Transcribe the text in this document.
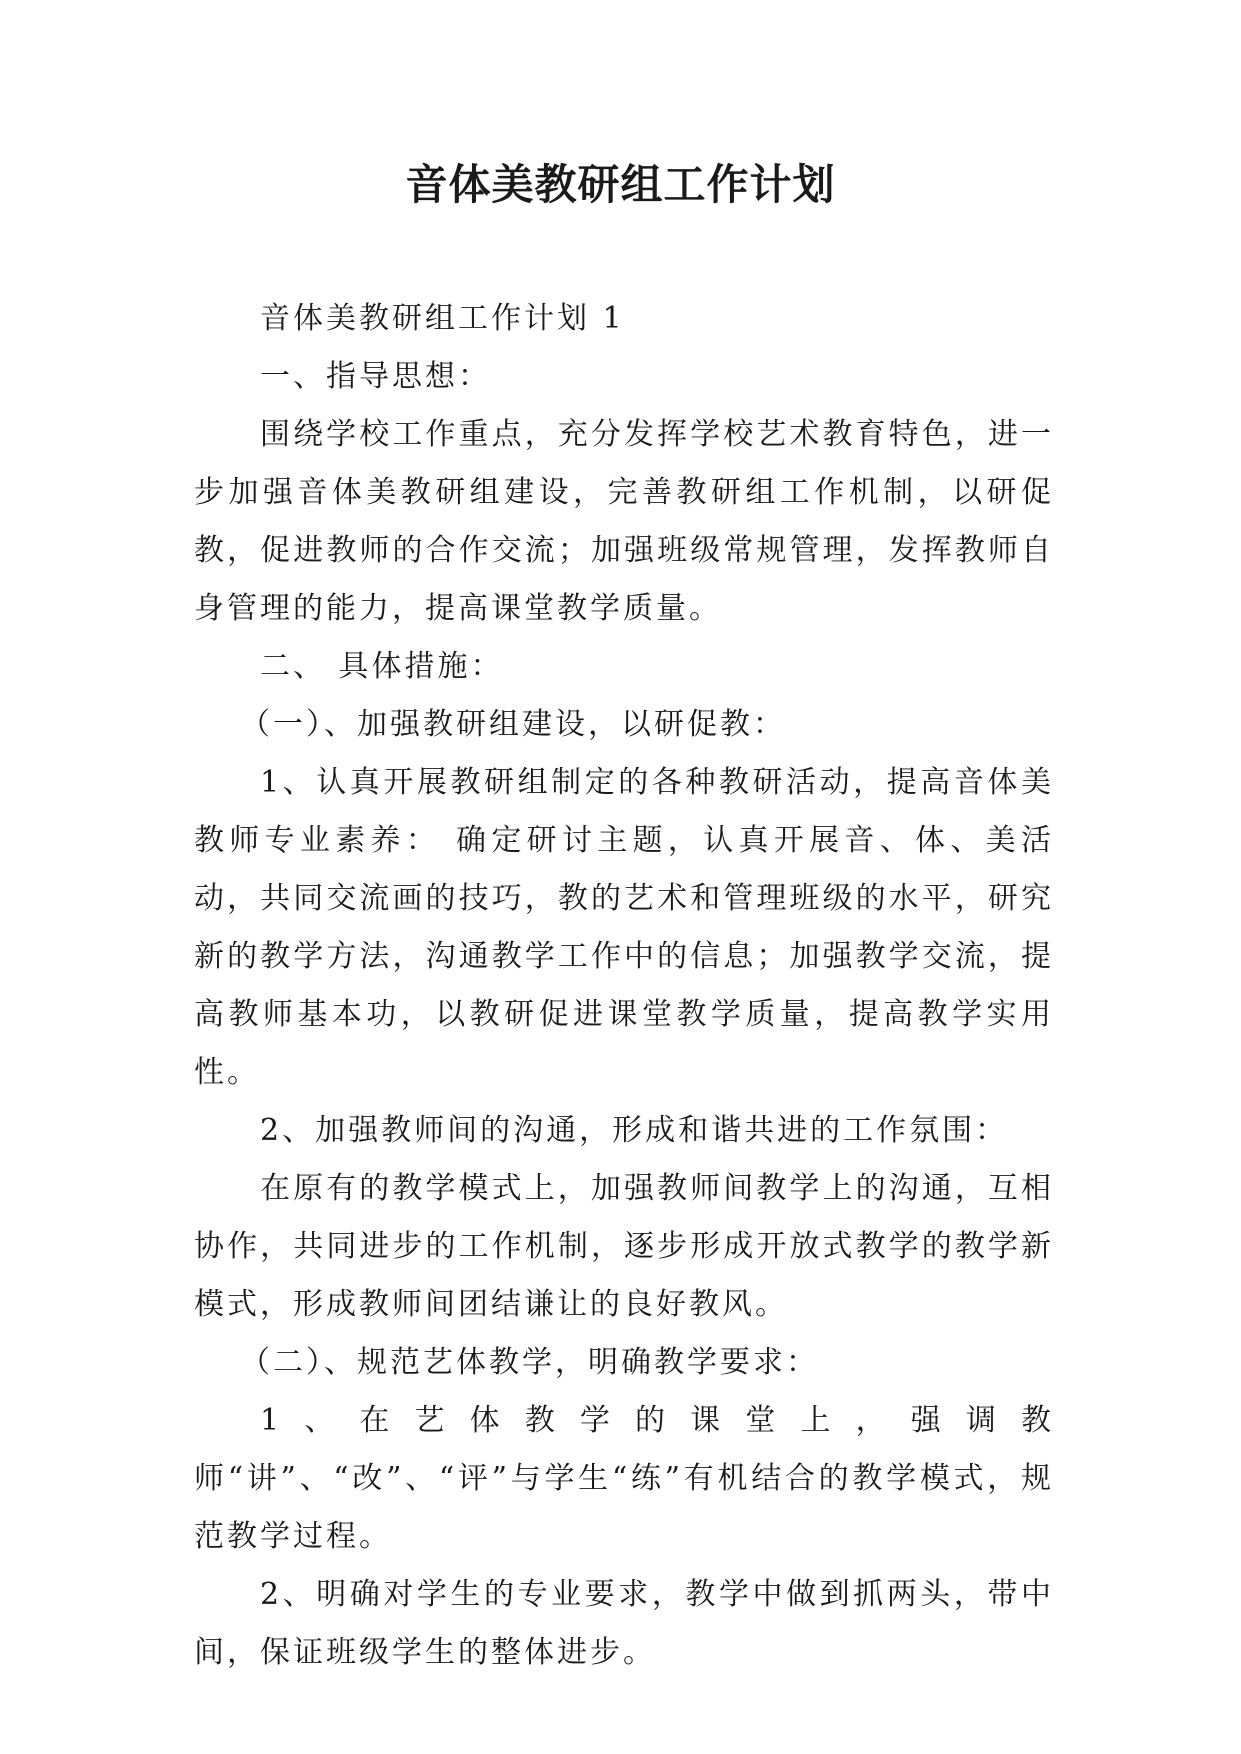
音体美教研组工作计划

音体美教研组工作计划 1

一、指导思想：

围绕学校工作重点，充分发挥学校艺术教育特色，进一步加强音体美教研组建设，完善教研组工作机制，以研促教，促进教师的合作交流；加强班级常规管理，发挥教师自身管理的能力，提高课堂教学质量。

二、 具体措施：

（一）、加强教研组建设，以研促教：

1、认真开展教研组制定的各种教研活动，提高音体美教师专业素养： 确定研讨主题，认真开展音、体、美活动，共同交流画的技巧，教的艺术和管理班级的水平，研究新的教学方法，沟通教学工作中的信息；加强教学交流，提高教师基本功，以教研促进课堂教学质量，提高教学实用性。

2、加强教师间的沟通，形成和谐共进的工作氛围：

在原有的教学模式上，加强教师间教学上的沟通，互相协作，共同进步的工作机制，逐步形成开放式教学的教学新模式，形成教师间团结谦让的良好教风。

（二）、规范艺体教学，明确教学要求：

1、在艺体教学的课堂上，强调教师“讲”、“改”、“评”与学生“练”有机结合的教学模式，规范教学过程。

2、明确对学生的专业要求，教学中做到抓两头，带中间，保证班级学生的整体进步。
